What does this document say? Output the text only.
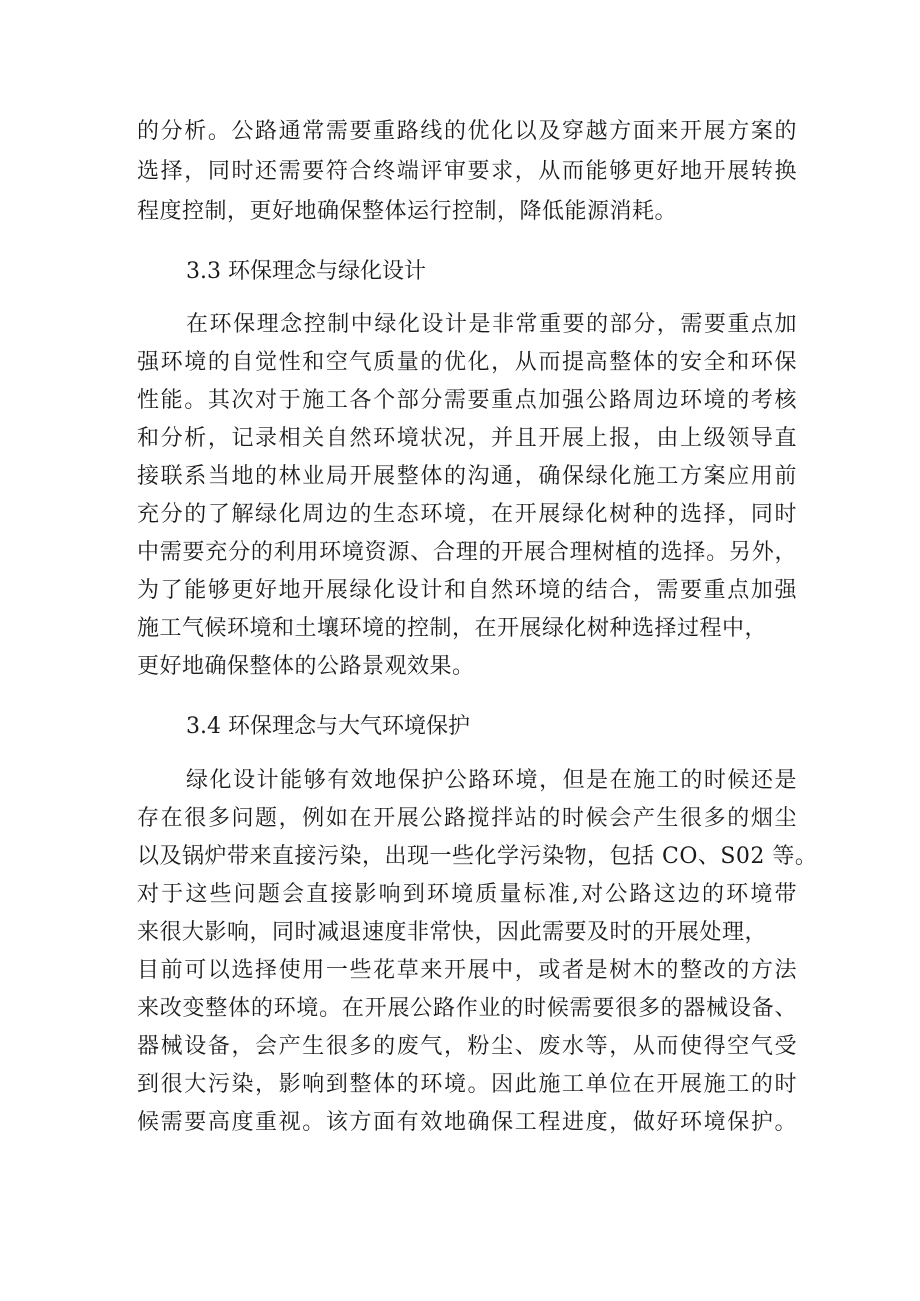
的分析。公路通常需要重路线的优化以及穿越方面来开展方案的
选择，同时还需要符合终端评审要求，从而能够更好地开展转换
程度控制，更好地确保整体运行控制，降低能源消耗。
3.3 环保理念与绿化设计
在环保理念控制中绿化设计是非常重要的部分，需要重点加
强环境的自觉性和空气质量的优化，从而提高整体的安全和环保
性能。其次对于施工各个部分需要重点加强公路周边环境的考核
和分析，记录相关自然环境状况，并且开展上报，由上级领导直
接联系当地的林业局开展整体的沟通，确保绿化施工方案应用前
充分的了解绿化周边的生态环境，在开展绿化树种的选择，同时
中需要充分的利用环境资源、合理的开展合理树植的选择。另外，
为了能够更好地开展绿化设计和自然环境的结合，需要重点加强
施工气候环境和土壤环境的控制，在开展绿化树种选择过程中，
更好地确保整体的公路景观效果。
3.4 环保理念与大气环境保护
绿化设计能够有效地保护公路环境，但是在施工的时候还是
存在很多问题，例如在开展公路搅拌站的时候会产生很多的烟尘
以及锅炉带来直接污染，出现一些化学污染物，包括 CO、S02 等。
对于这些问题会直接影响到环境质量标准,对公路这边的环境带
来很大影响，同时减退速度非常快，因此需要及时的开展处理，
目前可以选择使用一些花草来开展中，或者是树木的整改的方法
来改变整体的环境。在开展公路作业的时候需要很多的器械设备、
器械设备，会产生很多的废气，粉尘、废水等，从而使得空气受
到很大污染，影响到整体的环境。因此施工单位在开展施工的时
候需要高度重视。该方面有效地确保工程进度，做好环境保护。
